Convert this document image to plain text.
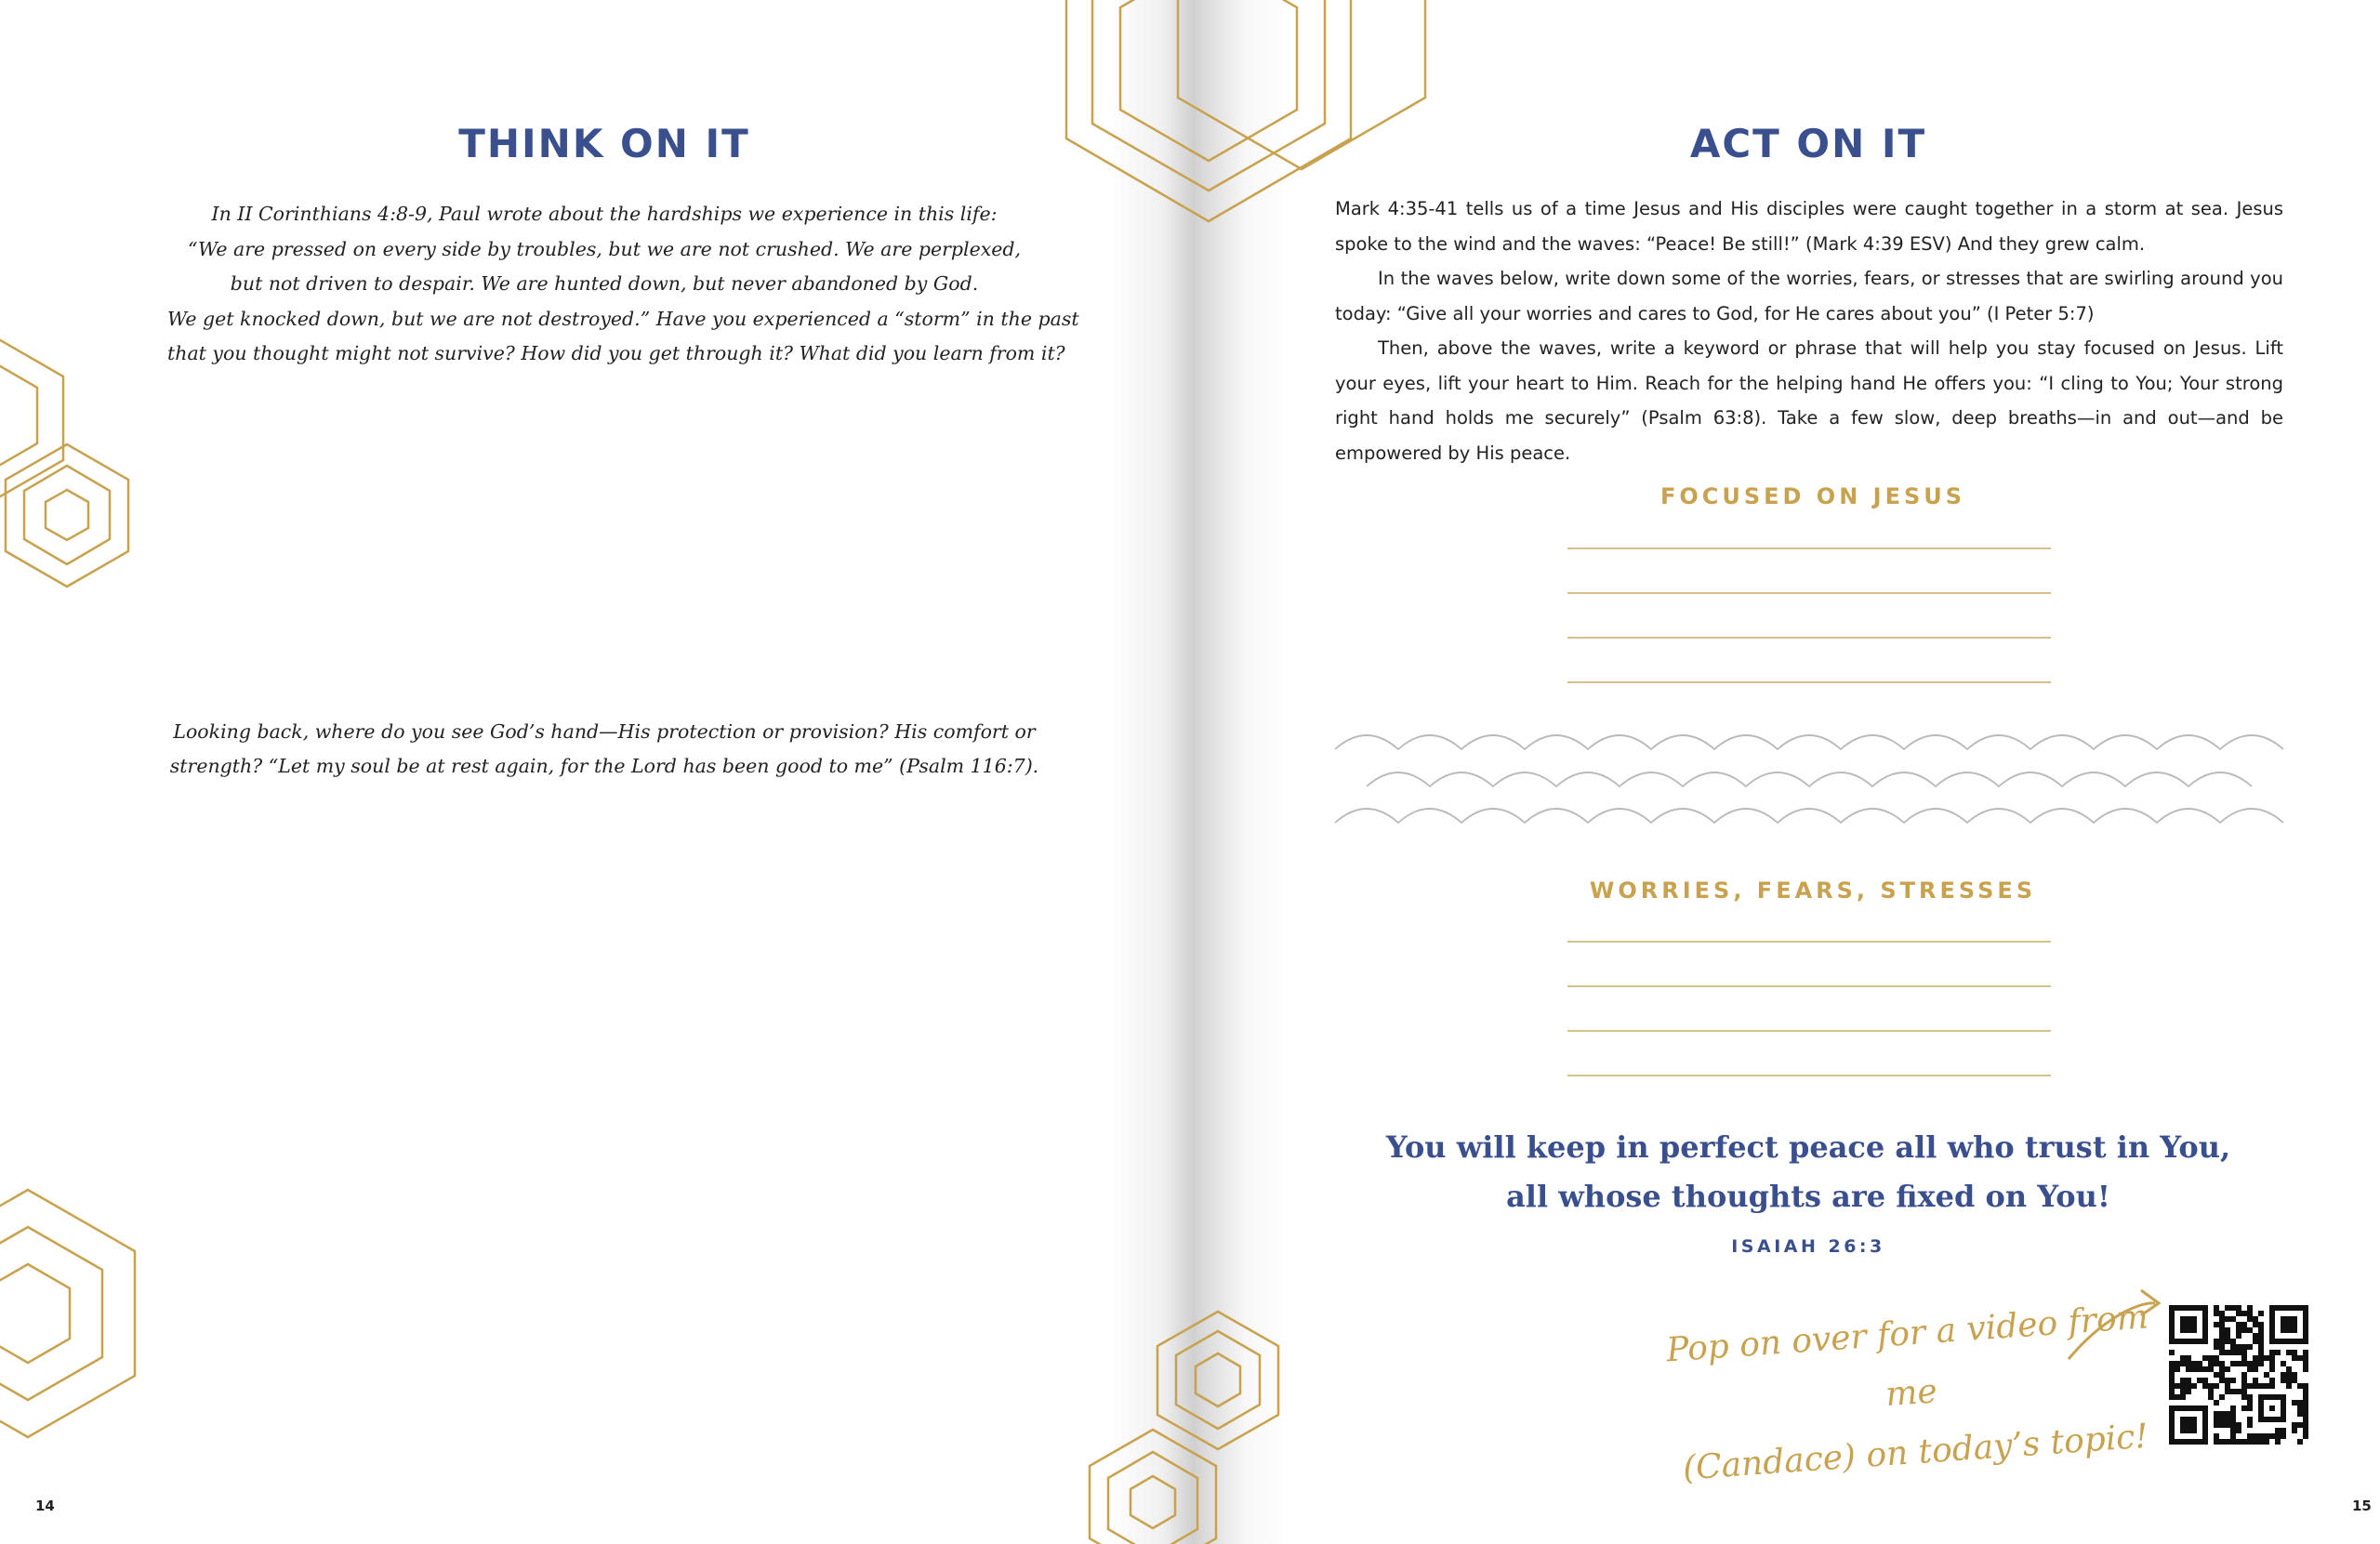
THINK ON IT
In II Corinthians 4:8-9, Paul wrote about the hardships we experience in this life:
“We are pressed on every side by troubles, but we are not crushed. We are perplexed,
but not driven to despair. We are hunted down, but never abandoned by God.
We get knocked down, but we are not destroyed.” Have you experienced a “storm” in the past
that you thought might not survive? How did you get through it? What did you learn from it?
Looking back, where do you see God’s hand—His protection or provision? His comfort or
strength? “Let my soul be at rest again, for the Lord has been good to me” (Psalm 116:7).
14
ACT ON IT

Mark 4:35-41 tells us of a time Jesus and His disciples were caught together in a storm at sea. Jesus spoke to the wind and the waves: “Peace! Be still!” (Mark 4:39 ESV) And they grew calm.

In the waves below, write down some of the worries, fears, or stresses that are swirling around you today: “Give all your worries and cares to God, for He cares about you” (I Peter 5:7)

Then, above the waves, write a keyword or phrase that will help you stay focused on Jesus. Lift your eyes, lift your heart to Him. Reach for the helping hand He offers you: “I cling to You; Your strong right hand holds me securely” (Psalm 63:8). Take a few slow, deep breaths—in and out—and be empowered by His peace.

FOCUSED ON JESUS
WORRIES, FEARS, STRESSES
You will keep in perfect peace all who trust in You,
all whose thoughts are fixed on You!
ISAIAH 26:3
Pop on over for a video from me
(Candace) on today’s topic!
15
